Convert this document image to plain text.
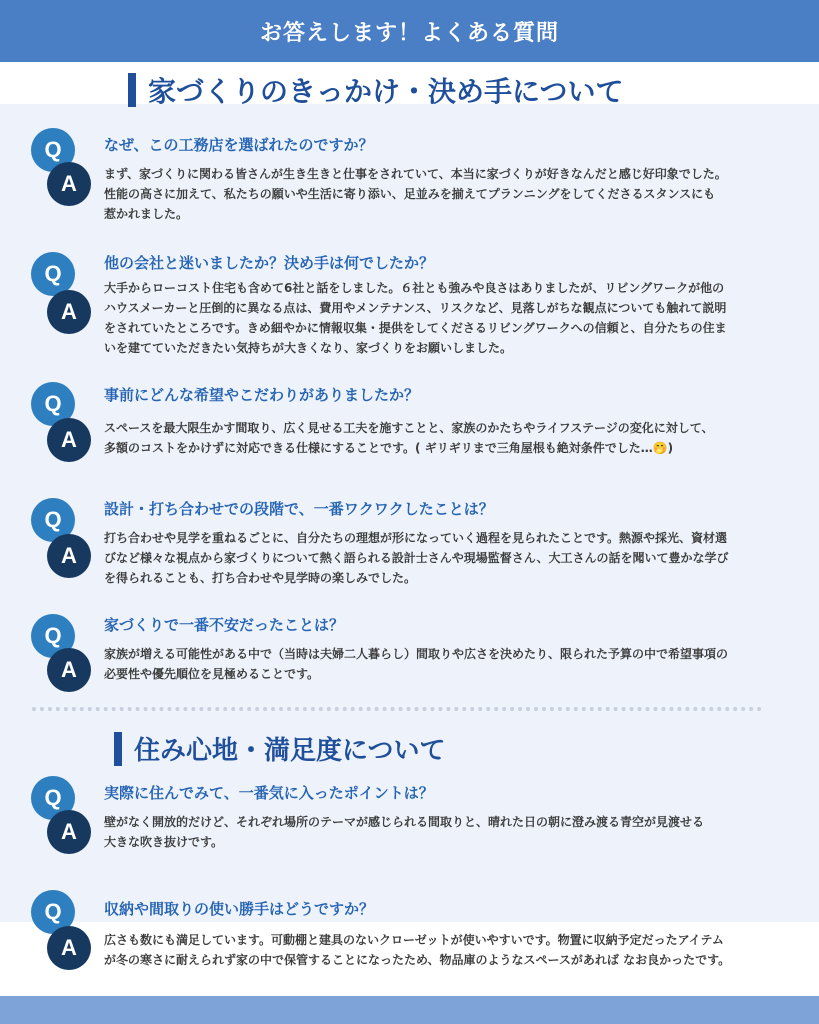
お答えします！よくある質問
家づくりのきっかけ・決め手について
Q
A
なぜ、この工務店を選ばれたのですか？
まず、家づくりに関わる皆さんが生き生きと仕事をされていて、本当に家づくりが好きなんだと感じ好印象でした。
性能の高さに加えて、私たちの願いや生活に寄り添い、足並みを揃えてプランニングをしてくださるスタンスにも
惹かれました。
Q
A
他の会社と迷いましたか？決め手は何でしたか？
大手からローコスト住宅も含めて6社と話をしました。６社とも強みや良さはありましたが、リビングワークが他の
ハウスメーカーと圧倒的に異なる点は、費用やメンテナンス、リスクなど、見落しがちな観点についても触れて説明
をされていたところです。きめ細やかに情報収集・提供をしてくださるリビングワークへの信頼と、自分たちの住ま
いを建てていただきたい気持ちが大きくなり、家づくりをお願いしました。
Q
A
事前にどんな希望やこだわりがありましたか？
スペースを最大限生かす間取り、広く見せる工夫を施すことと、家族のかたちやライフステージの変化に対して、
多額のコストをかけずに対応できる仕様にすることです。( ギリギリまで三角屋根も絶対条件でした…🤭)
Q
A
設計・打ち合わせでの段階で、一番ワクワクしたことは？
打ち合わせや見学を重ねるごとに、自分たちの理想が形になっていく過程を見られたことです。熱源や採光、資材選
びなど様々な視点から家づくりについて熱く語られる設計士さんや現場監督さん、大工さんの話を聞いて豊かな学び
を得られることも、打ち合わせや見学時の楽しみでした。
Q
A
家づくりで一番不安だったことは？
家族が増える可能性がある中で（当時は夫婦二人暮らし）間取りや広さを決めたり、限られた予算の中で希望事項の
必要性や優先順位を見極めることです。
住み心地・満足度について
Q
A
実際に住んでみて、一番気に入ったポイントは？
壁がなく開放的だけど、それぞれ場所のテーマが感じられる間取りと、晴れた日の朝に澄み渡る青空が見渡せる
大きな吹き抜けです。
Q
A
収納や間取りの使い勝手はどうですか？
広さも数にも満足しています。可動棚と建具のないクローゼットが使いやすいです。物置に収納予定だったアイテム
が冬の寒さに耐えられず家の中で保管することになったため、物品庫のようなスペースがあれば なお良かったです。
